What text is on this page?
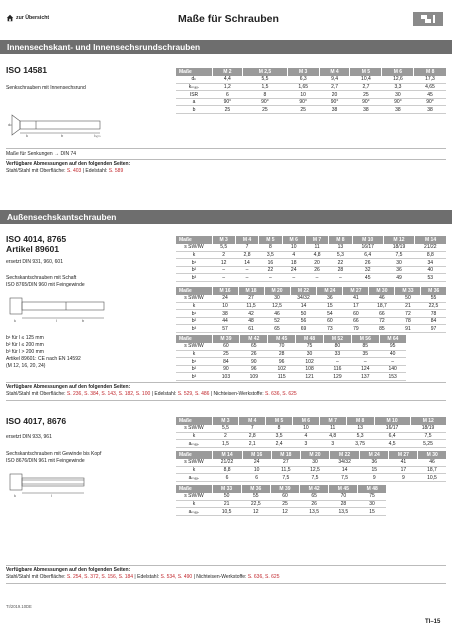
zur Übersicht	Maße für Schrauben
Innensechskant- und Innensechsrundschrauben
ISO 14581
Senkschrauben mit Innensechsrund
dₖ
k	b	lₙₒₘ
Maße	M 2	M 2,5	M 3	M 4	M 5	M 6	M 8
dₖ	4,4	5,5	6,3	9,4	10,4	12,6	17,3
kₘₐₓ.	1,2	1,5	1,65	2,7	2,7	3,3	4,65
ISR	6	8	10	20	25	30	45
a	90°	90°	90°	90°	90°	90°	90°
b	25	25	25	38	38	38	38
Maße für Senkungen → DIN 74
Verfügbare Abmessungen auf den folgenden Seiten:
Stahl/Stahl mit Oberfläche: S. 403 | Edelstahl: S. 589
Außensechskantschrauben
ISO 4014, 8765
Artikel 89601
ersetzt DIN 931, 960, 601
Sechskantschrauben mit Schaft
ISO 8765/DIN 960 mit Feingewinde
k	b
l
b¹ für l ≤ 125 mm
b² für l ≤ 200 mm
b³ für l > 200 mm
Artikel 89601: CE nach EN 14592
(M 12, 16, 20, 24)
Maße	M 3	M 4	M 5	M 6	M 7	M 8	M 10	M 12	M 14
s SW/IW	5,5	7	8	10	11	13	16/17	18/19	21/22
k	2	2,8	3,5	4	4,8	5,3	6,4	7,5	8,8
b¹	12	14	16	18	20	22	26	30	34
b²	–	–	22	24	26	28	32	36	40
b³	–	–	–	–	–	–	45	49	53
Maße	M 16	M 18	M 20	M 22	M 24	M 27	M 30	M 33	M 36
s SW/IW	24	27	30	34/32	36	41	46	50	55
k	10	11,5	12,5	14	15	17	18,7	21	22,5
b¹	38	42	46	50	54	60	66	72	78
b²	44	48	52	56	60	66	72	78	84
b³	57	61	65	69	73	79	85	91	97
Maße	M 39	M 42	M 45	M 48	M 52	M 56	M 64
s SW/IW	60	65	70	75	80	85	95
k	25	26	28	30	33	35	40
b¹	84	90	96	102	–	–	–
b²	90	96	102	108	116	124	140
b³	103	109	115	121	129	137	153
Verfügbare Abmessungen auf den folgenden Seiten:
Stahl/Stahl mit Oberfläche: S. 236, S. 384, S. 143, S. 182, S. 100 | Edelstahl: S. 529, S. 486 | Nichteisen-Werkstoffe: S. 636, S. 625
ISO 4017, 8676
ersetzt DIN 933, 961
Sechskantschrauben mit Gewinde bis Kopf
ISO 8676/DIN 961 mit Feingewinde
k	l
Maße	M 3	M 4	M 5	M 6	M 7	M 8	M 10	M 12
s SW/IW	5,5	7	8	10	11	13	16/17	18/19
k	2	2,8	3,5	4	4,8	5,3	6,4	7,5
aₘₐₓ.	1,5	2,1	2,4	3	3	3,75	4,5	5,25
Maße	M 14	M 16	M 18	M 20	M 22	M 24	M 27	M 30
s SW/IW	21/22	24	27	30	34/32	36	41	46
k	8,8	10	11,5	12,5	14	15	17	18,7
aₘₐₓ.	6	6	7,5	7,5	7,5	9	9	10,5
Maße	M 33	M 36	M 39	M 42	M 45	M 48
s SW/IW	50	55	60	65	70	75
k	21	22,5	25	26	28	30
aₘₐₓ.	10,5	12	12	13,5	13,5	15
Verfügbare Abmessungen auf den folgenden Seiten:
Stahl/Stahl mit Oberfläche: S. 254, S. 372, S. 156, S. 184 | Edelstahl: S. 534, S. 490 | Nichteisen-Werkstoffe: S. 636, S. 625
TI/2019.10DE
TI–15
